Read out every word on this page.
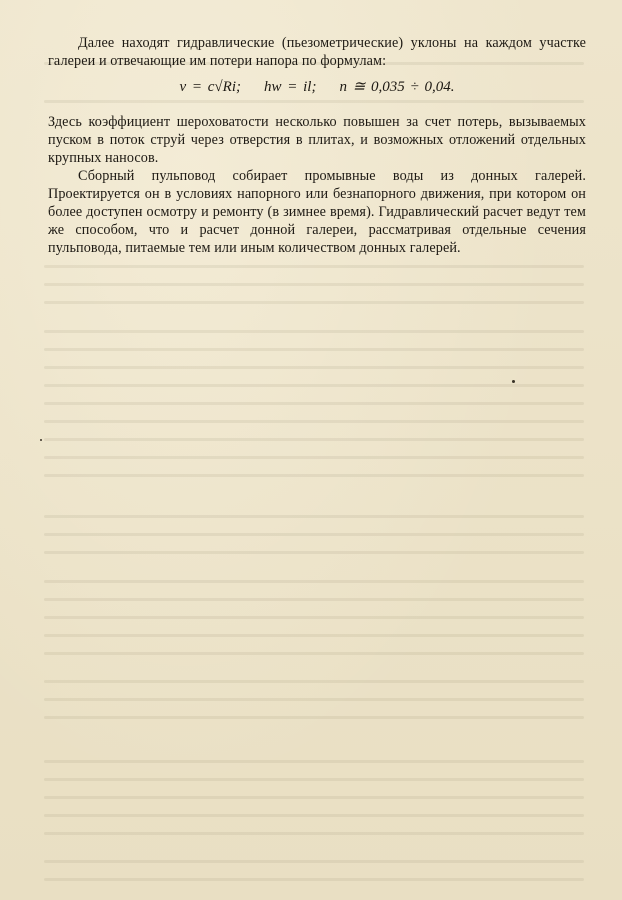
Далее находят гидравлические (пьезометрические) уклоны на каждом участке галереи и отвечающие им потери напора по формулам:

v = c√Ri; hw = il; n ≅ 0,035 ÷ 0,04.

Здесь коэффициент шероховатости несколько повышен за счет потерь, вызываемых пуском в поток струй через отверстия в плитах, и возможных отложений отдельных крупных наносов.

Сборный пульповод собирает промывные воды из донных галерей. Проектируется он в условиях напорного или безнапорного движения, при котором он более доступен осмотру и ремонту (в зимнее время). Гидравлический расчет ведут тем же способом, что и расчет донной галереи, рассматривая отдельные сечения пульповода, питаемые тем или иным количеством донных галерей.
